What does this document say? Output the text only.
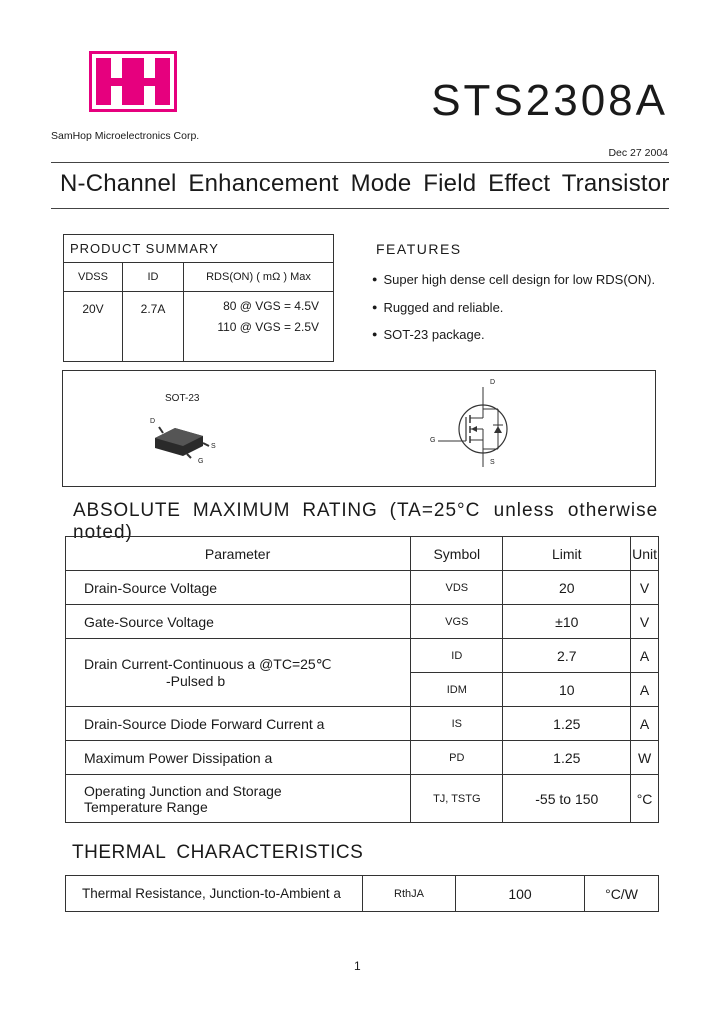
SamHop Microelectronics Corp.
STS2308A
Dec 27 2004
N-Channel Enhancement Mode Field Effect Transistor
PRODUCT SUMMARY		
VDSS	ID	RDS(ON) ( mΩ ) Max
20V	2.7A	80 @ VGS = 4.5V
110 @ VGS = 2.5V
FEATURES
● Super high dense cell design for low RDS(ON).
● Rugged and reliable.
● SOT-23 package.
SOT-23
D
S
G
D
G
S
ABSOLUTE MAXIMUM RATING (TA=25°C unless otherwise noted)
Parameter	Symbol	Limit	Unit
Drain-Source Voltage	VDS	20	V
Gate-Source Voltage	VGS	±10	V

Drain Current-Continuous a @TC=25℃
-Pulsed b	ID	2.7	A
	IDM	10	A
Drain-Source Diode Forward Current a	IS	1.25	A
Maximum Power Dissipation a	PD	1.25	W
Operating Junction and Storage Temperature Range	TJ, TSTG	-55 to 150	°C
THERMAL CHARACTERISTICS
Thermal Resistance, Junction-to-Ambient a	RthJA	100	°C/W
1
